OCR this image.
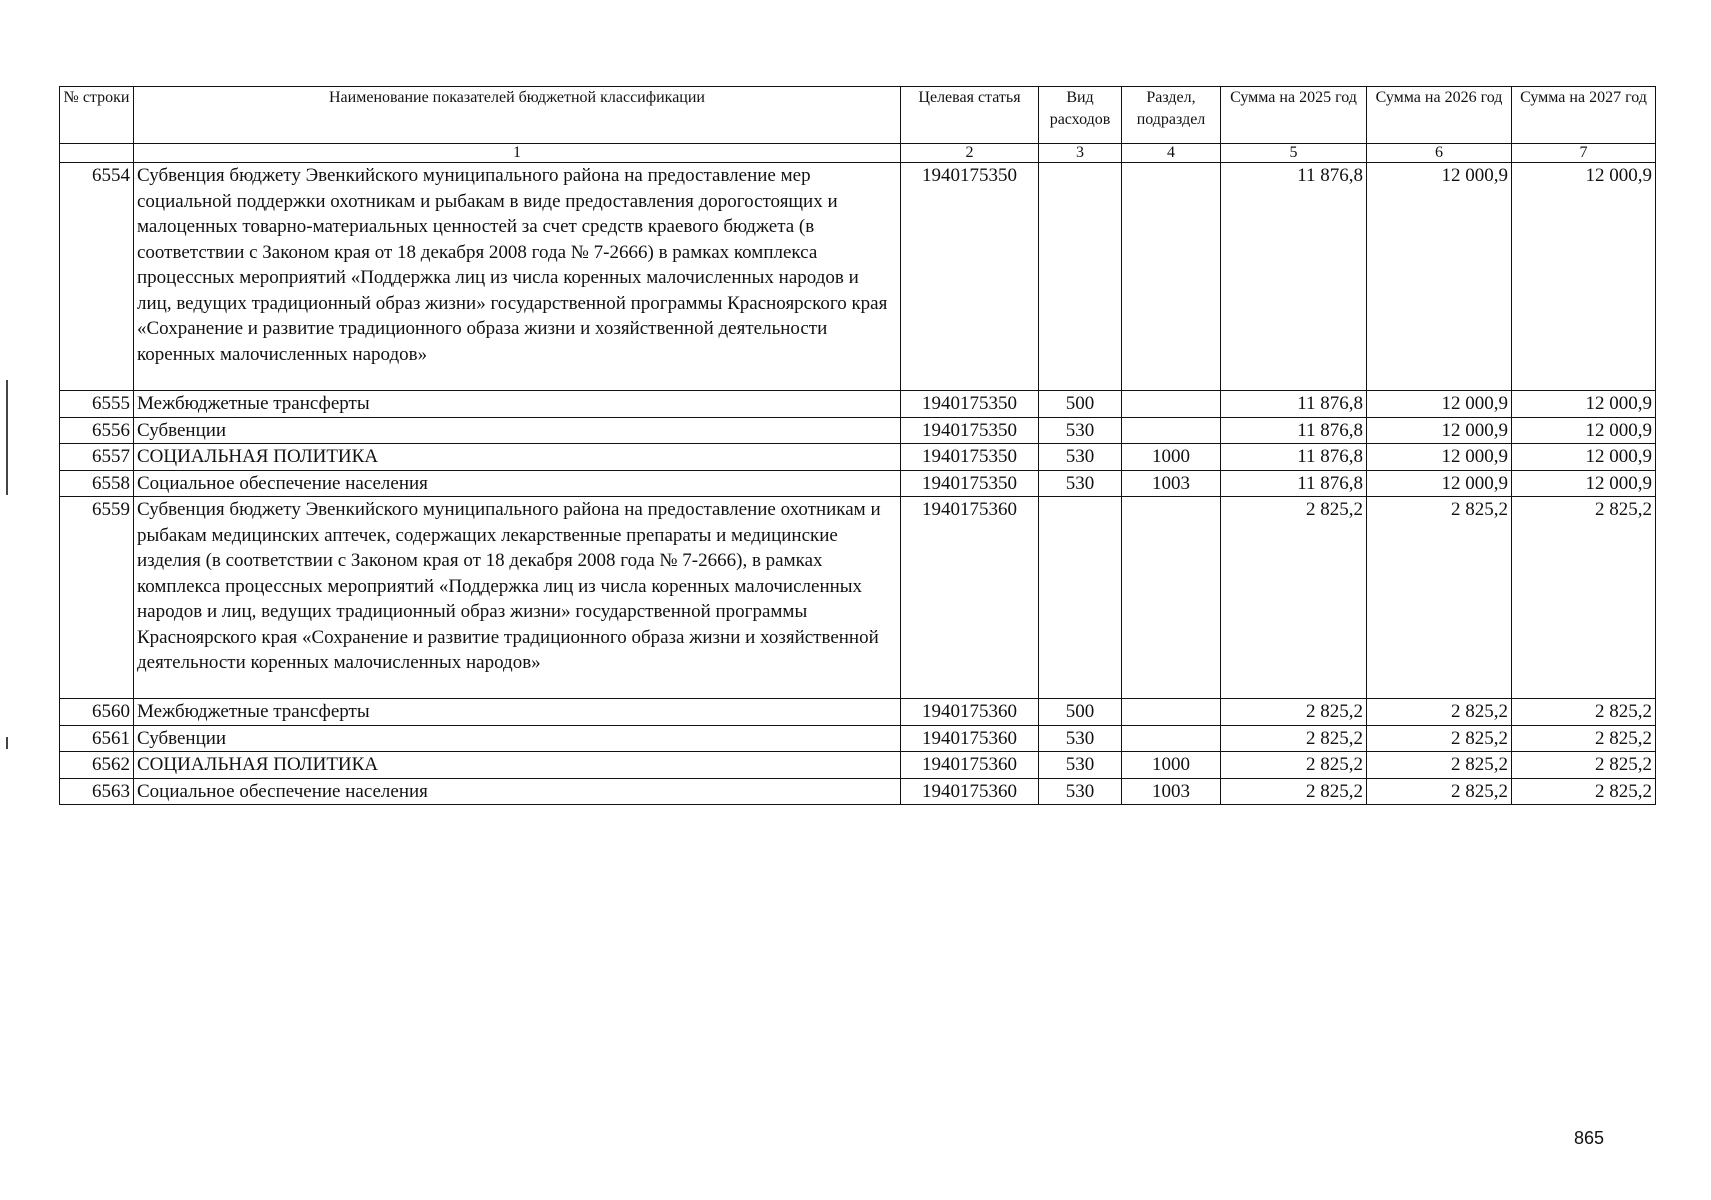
№ строки	Наименование показателей бюджетной классификации	Целевая статья	Вид расходов	Раздел, подраздел	Сумма на 2025 год	Сумма на 2026 год	Сумма на 2027 год
	1	2	3	4	5	6	7
6554	Субвенция бюджету Эвенкийского муниципального района на предоставление мер социальной поддержки охотникам и рыбакам в виде предоставления дорогостоящих и малоценных товарно-материальных ценностей за счет средств краевого бюджета (в соответствии с Законом края от 18 декабря 2008 года № 7-2666) в рамках комплекса процессных мероприятий «Поддержка лиц из числа коренных малочисленных народов и лиц, ведущих традиционный образ жизни» государственной программы Красноярского края «Сохранение и развитие традиционного образа жизни и хозяйственной деятельности коренных малочисленных народов»	1940175350			11 876,8	12 000,9	12 000,9
6555	Межбюджетные трансферты	1940175350	500		11 876,8	12 000,9	12 000,9
6556	Субвенции	1940175350	530		11 876,8	12 000,9	12 000,9
6557	СОЦИАЛЬНАЯ ПОЛИТИКА	1940175350	530	1000	11 876,8	12 000,9	12 000,9
6558	Социальное обеспечение населения	1940175350	530	1003	11 876,8	12 000,9	12 000,9
6559	Субвенция бюджету Эвенкийского муниципального района на предоставление охотникам и рыбакам медицинских аптечек, содержащих лекарственные препараты и медицинские изделия (в соответствии с Законом края от 18 декабря 2008 года № 7-2666), в рамках комплекса процессных мероприятий «Поддержка лиц из числа коренных малочисленных народов и лиц, ведущих традиционный образ жизни» государственной программы Красноярского края «Сохранение и развитие традиционного образа жизни и хозяйственной деятельности коренных малочисленных народов»	1940175360			2 825,2	2 825,2	2 825,2
6560	Межбюджетные трансферты	1940175360	500		2 825,2	2 825,2	2 825,2
6561	Субвенции	1940175360	530		2 825,2	2 825,2	2 825,2
6562	СОЦИАЛЬНАЯ ПОЛИТИКА	1940175360	530	1000	2 825,2	2 825,2	2 825,2
6563	Социальное обеспечение населения	1940175360	530	1003	2 825,2	2 825,2	2 825,2
865
